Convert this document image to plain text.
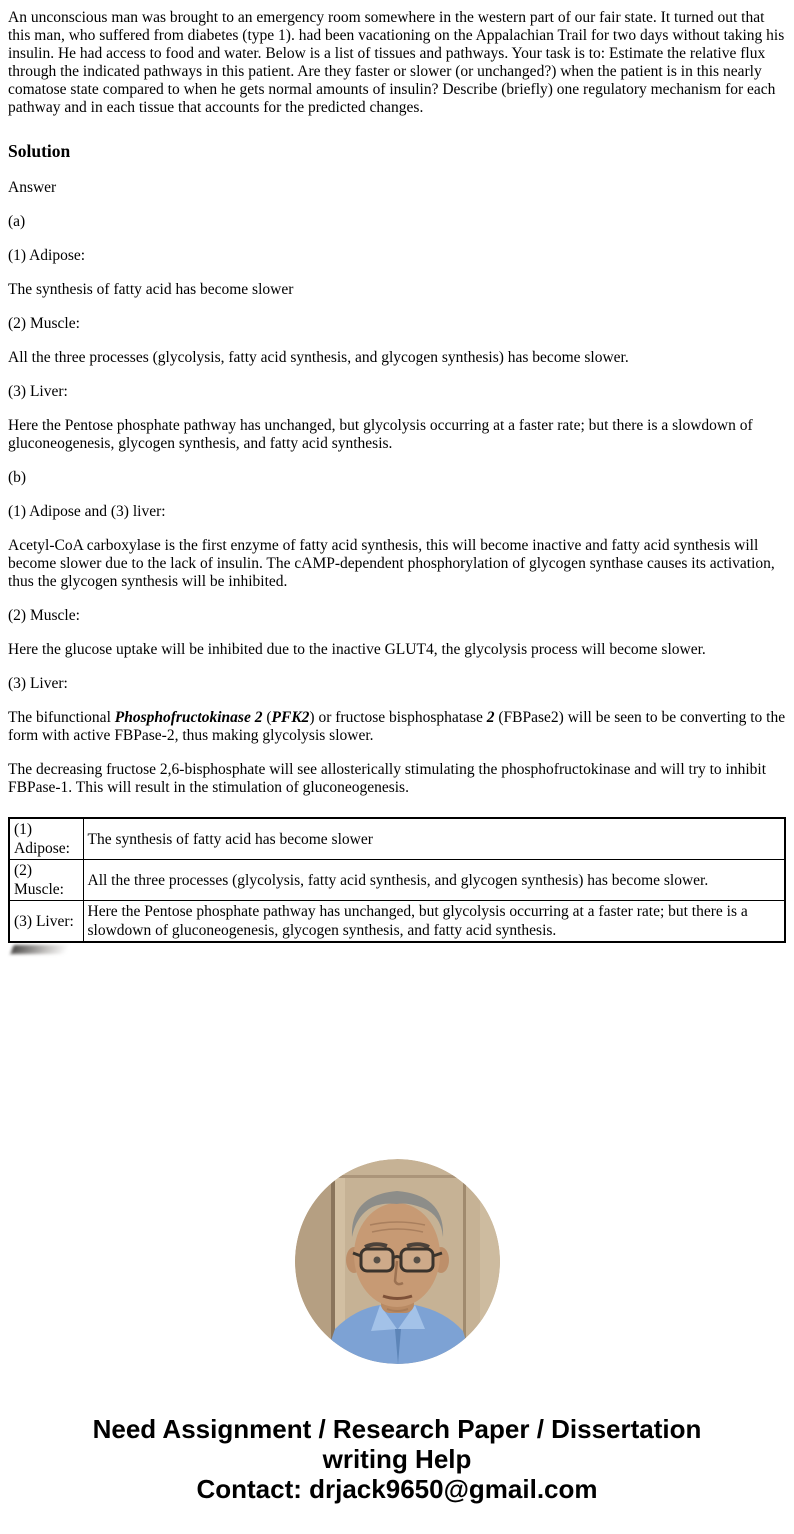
An unconscious man was brought to an emergency room somewhere in the western part of our fair state. It turned out that this man, who suffered from diabetes (type 1). had been vacationing on the Appalachian Trail for two days without taking his insulin. He had access to food and water. Below is a list of tissues and pathways. Your task is to: Estimate the relative flux through the indicated pathways in this patient. Are they faster or slower (or unchanged?) when the patient is in this nearly comatose state compared to when he gets normal amounts of insulin? Describe (briefly) one regulatory mechanism for each pathway and in each tissue that accounts for the predicted changes.

Solution

Answer

(a)

(1) Adipose:

The synthesis of fatty acid has become slower

(2) Muscle:

All the three processes (glycolysis, fatty acid synthesis, and glycogen synthesis) has become slower.

(3) Liver:

Here the Pentose phosphate pathway has unchanged, but glycolysis occurring at a faster rate; but there is a slowdown of gluconeogenesis, glycogen synthesis, and fatty acid synthesis.

(b)

(1) Adipose and (3) liver:

Acetyl-CoA carboxylase is the first enzyme of fatty acid synthesis, this will become inactive and fatty acid synthesis will become slower due to the lack of insulin. The cAMP-dependent phosphorylation of glycogen synthase causes its activation, thus the glycogen synthesis will be inhibited.

(2) Muscle:

Here the glucose uptake will be inhibited due to the inactive GLUT4, the glycolysis process will become slower.

(3) Liver:

The bifunctional Phosphofructokinase 2 (PFK2) or fructose bisphosphatase 2 (FBPase2) will be seen to be converting to the form with active FBPase-2, thus making glycolysis slower.

The decreasing fructose 2,6-bisphosphate will see allosterically stimulating the phosphofructokinase and will try to inhibit FBPase-1. This will result in the stimulation of gluconeogenesis.

(1) Adipose:	The synthesis of fatty acid has become slower
(2) Muscle:	All the three processes (glycolysis, fatty acid synthesis, and glycogen synthesis) has become slower.
(3) Liver:	Here the Pentose phosphate pathway has unchanged, but glycolysis occurring at a faster rate; but there is a slowdown of gluconeogenesis, glycogen synthesis, and fatty acid synthesis.
Need Assignment / Research Paper / Dissertation
writing Help
Contact: drjack9650@gmail.com
